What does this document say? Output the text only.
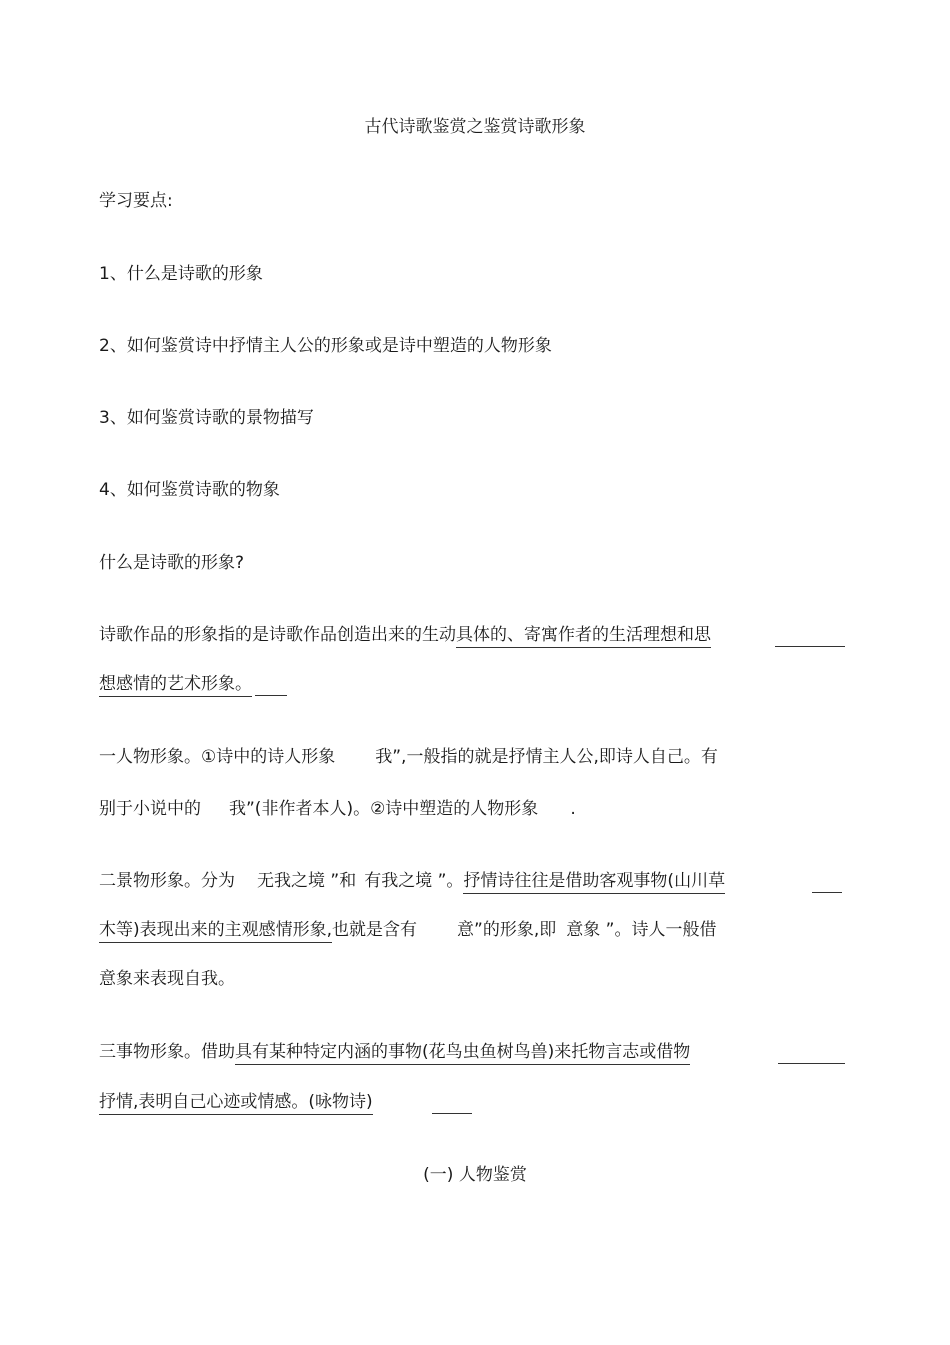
古代诗歌鉴赏之鉴赏诗歌形象
学习要点:
1、什么是诗歌的形象
2、如何鉴赏诗中抒情主人公的形象或是诗中塑造的人物形象
3、如何鉴赏诗歌的景物描写
4、如何鉴赏诗歌的物象
什么是诗歌的形象?
诗歌作品的形象指的是诗歌作品创造出来的生动具体的、寄寓作者的生活理想和思
想感情的艺术形象。
一人物形象。①诗中的诗人形象 我”,一般指的就是抒情主人公,即诗人自己。有
别于小说中的 我”(非作者本人)。②诗中塑造的人物形象 .
二景物形象。分为 无我之境 ”和 有我之境 ”。抒情诗往往是借助客观事物(山川草
木等)表现出来的主观感情形象,也就是含有 意”的形象,即 意象 ”。诗人一般借
意象来表现自我。
三事物形象。借助具有某种特定内涵的事物(花鸟虫鱼树鸟兽)来托物言志或借物
抒情,表明自己心迹或情感。(咏物诗)
(一) 人物鉴赏
